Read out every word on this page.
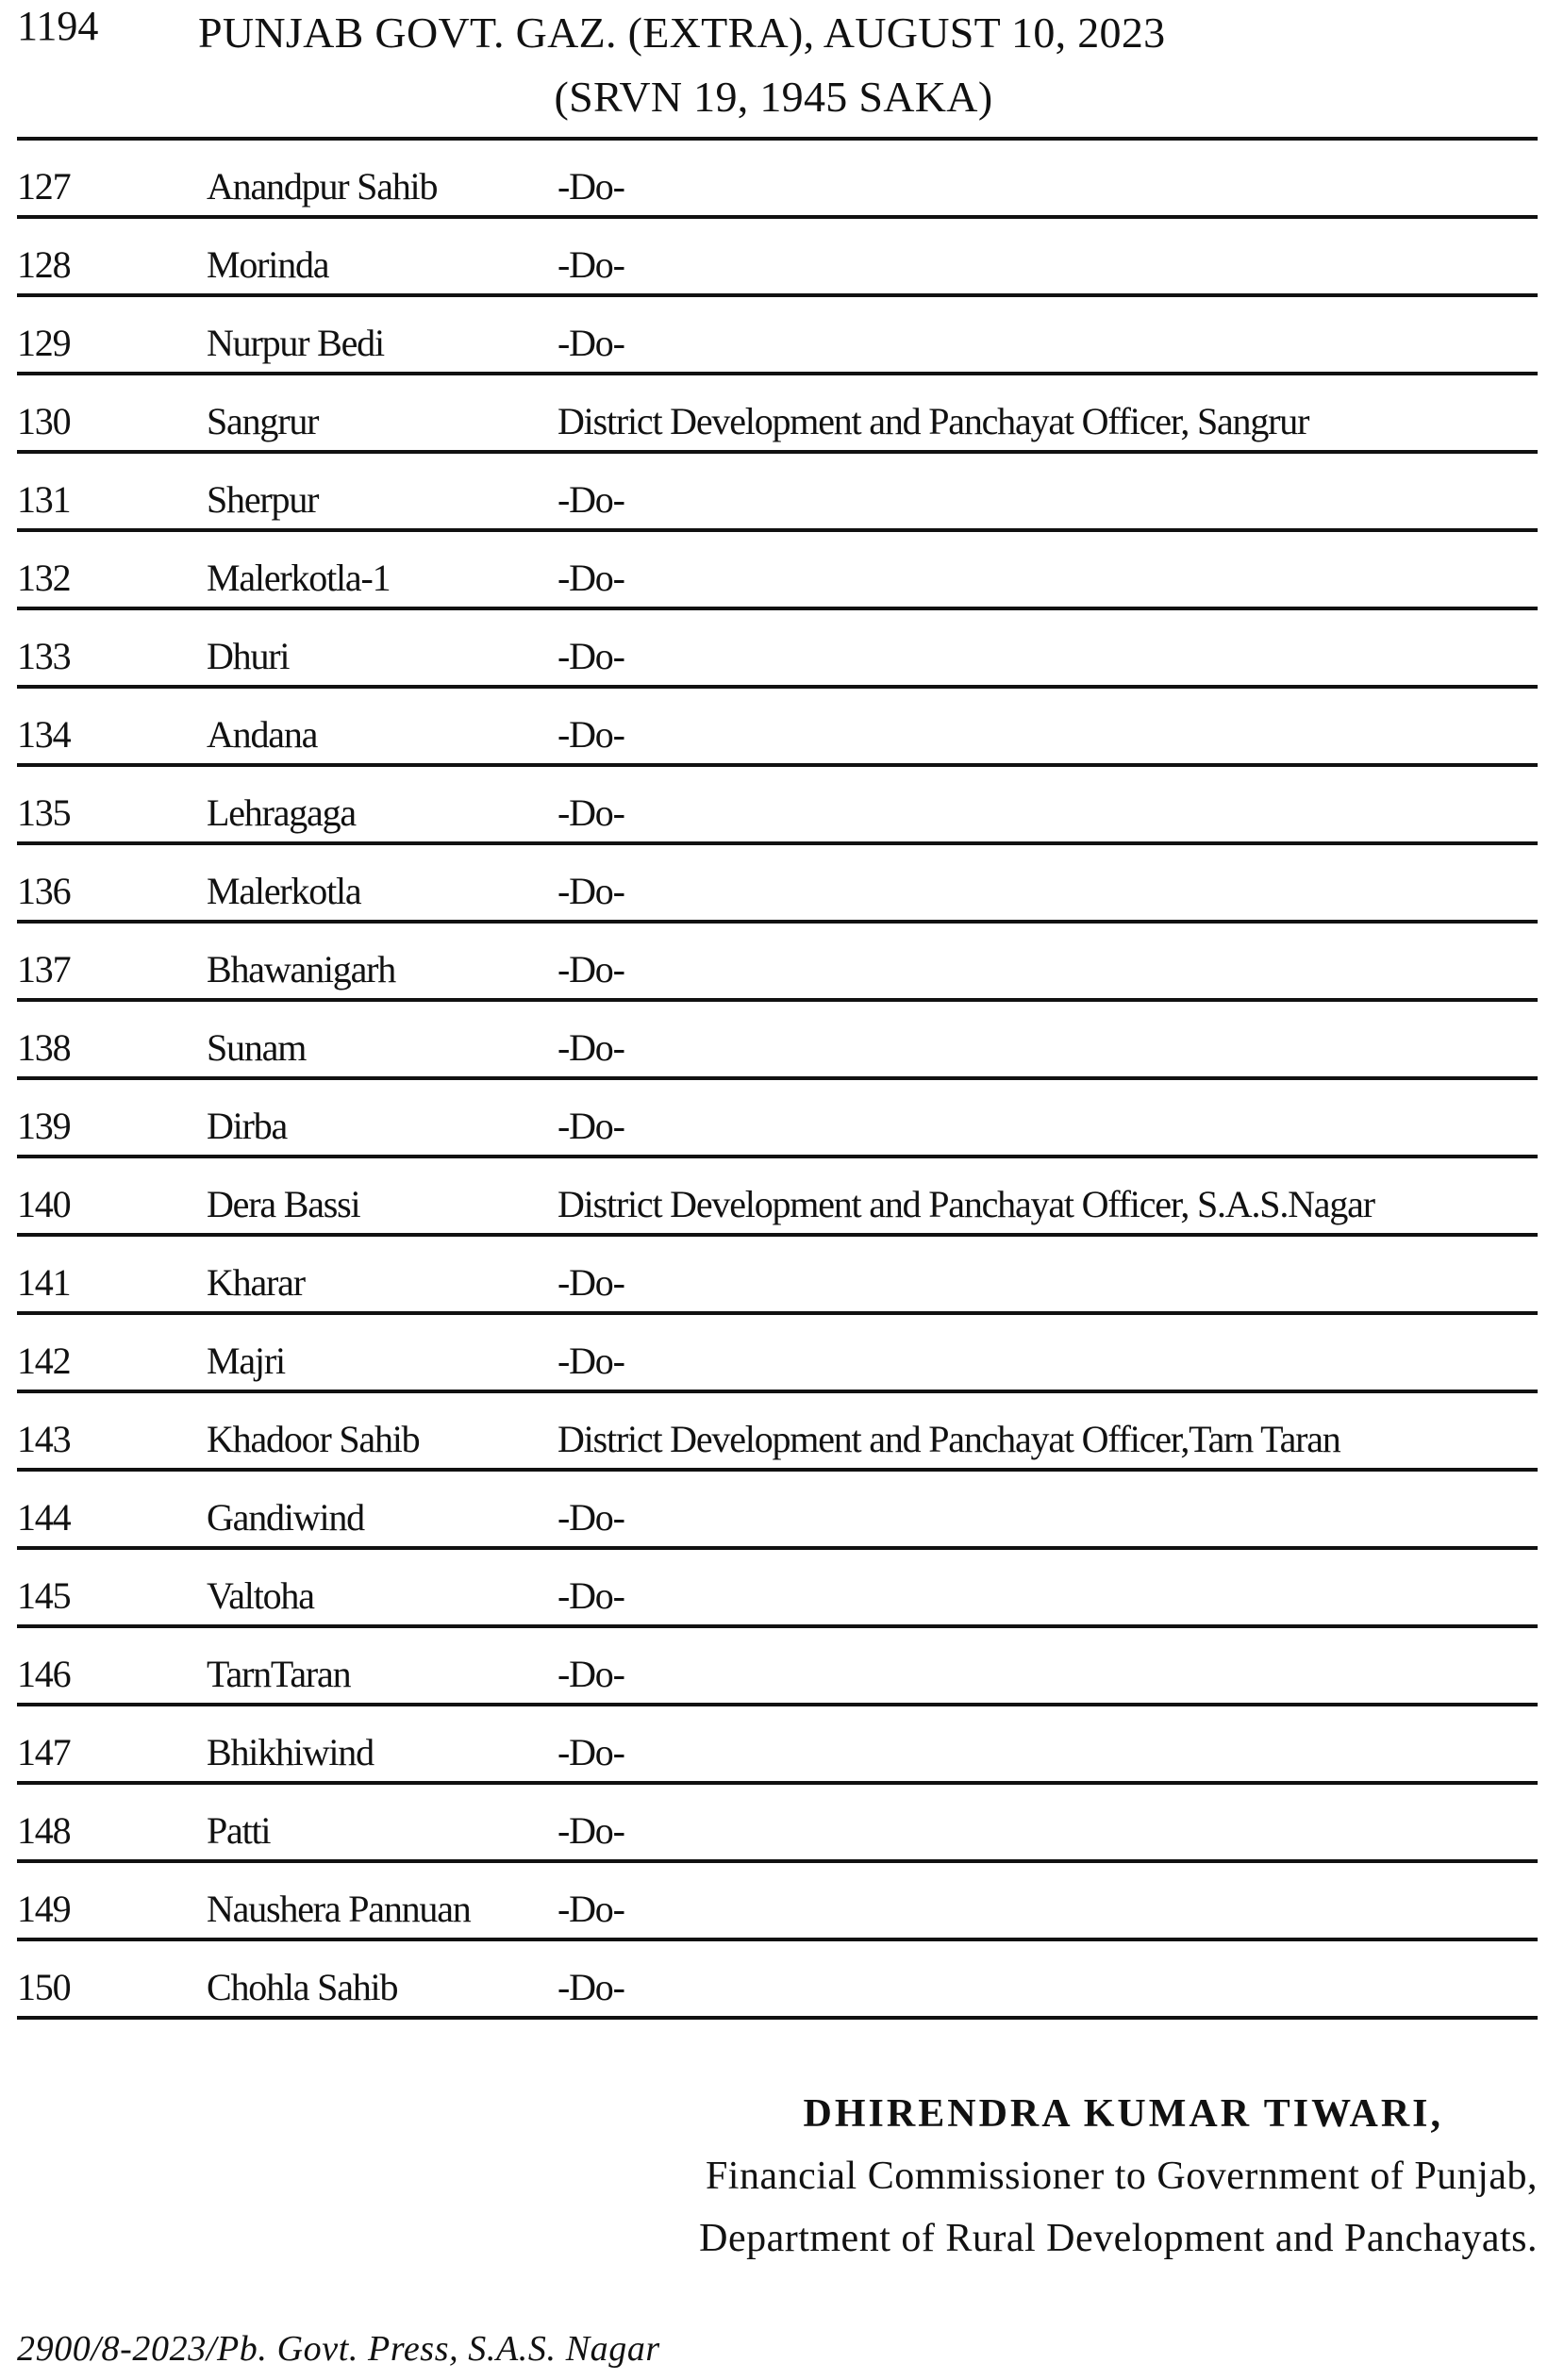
1194 PUNJAB GOVT. GAZ. (EXTRA), AUGUST 10, 2023
(SRVN 19, 1945 SAKA)
127	Anandpur Sahib	-Do-
128	Morinda	-Do-
129	Nurpur Bedi	-Do-
130	Sangrur	District Development and Panchayat Officer, Sangrur
131	Sherpur	-Do-
132	Malerkotla-1	-Do-
133	Dhuri	-Do-
134	Andana	-Do-
135	Lehragaga	-Do-
136	Malerkotla	-Do-
137	Bhawanigarh	-Do-
138	Sunam	-Do-
139	Dirba	-Do-
140	Dera Bassi	District Development and Panchayat Officer, S.A.S.Nagar
141	Kharar	-Do-
142	Majri	-Do-
143	Khadoor Sahib	District Development and Panchayat Officer,Tarn Taran
144	Gandiwind	-Do-
145	Valtoha	-Do-
146	TarnTaran	-Do-
147	Bhikhiwind	-Do-
148	Patti	-Do-
149	Naushera Pannuan -Do-
150	Chohla Sahib	-Do-
DHIRENDRA KUMAR TIWARI,
Financial Commissioner to Government of Punjab,
Department of Rural Development and Panchayats.
2900/8-2023/Pb. Govt. Press, S.A.S. Nagar
